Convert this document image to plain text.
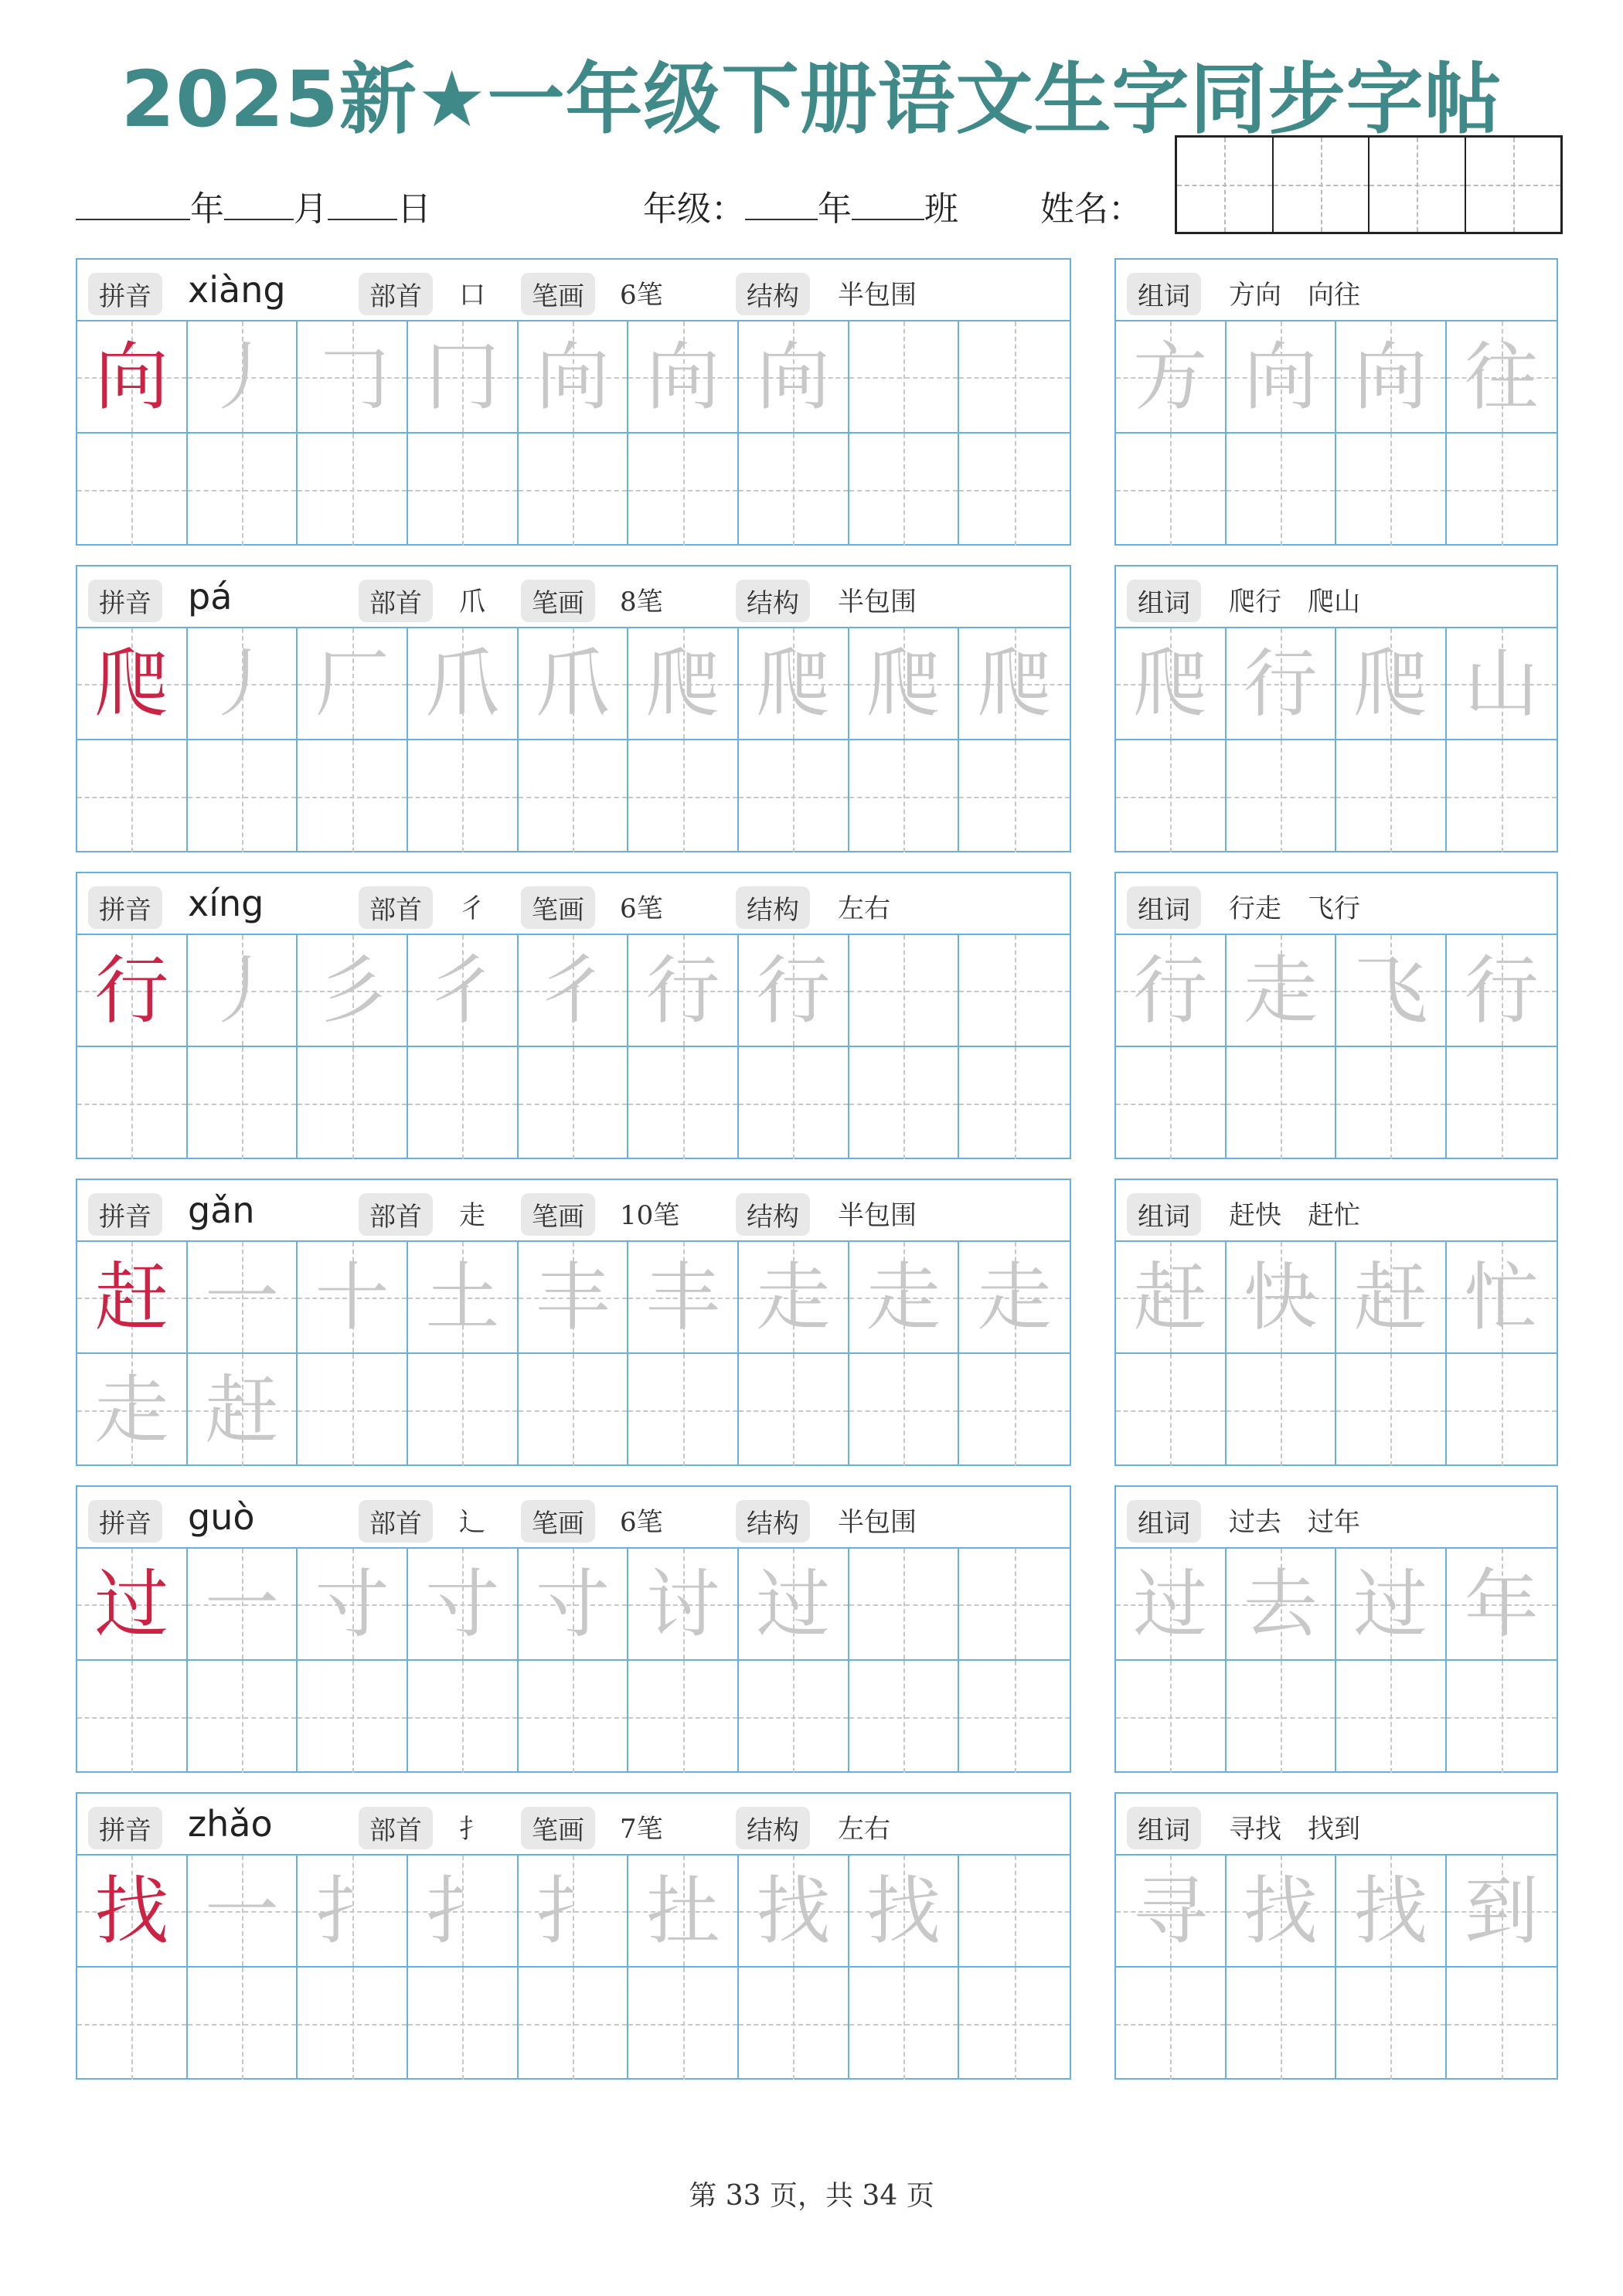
2025新★一年级下册语文生字同步字帖
年 月 日	年级： 年 班 姓名：
拼音	xiàng	部首	口	笔画	6笔	结构	半包围
向 丿 𠃌 冂 向 向 向
组词	方向　向往
方 向 向 往
拼音	pá	部首	爪	笔画	8笔	结构	半包围
爬 丿 厂 爪 爪 爬 爬 爬 爬
组词	爬行　爬山
爬 行 爬 山
拼音	xíng	部首	彳	笔画	6笔	结构	左右
行 丿 彡 彳 彳 行 行
组词	行走　飞行
行 走 飞 行
拼音	gǎn	部首	走	笔画	10笔	结构	半包围
赶 一 十 土 丰 丰 走 走 走
走 赶
组词	赶快　赶忙
赶 快 赶 忙
拼音	guò	部首	辶	笔画	6笔	结构	半包围
过 一 寸 寸 寸 讨 过
组词	过去　过年
过 去 过 年
拼音	zhǎo	部首	扌	笔画	7笔	结构	左右
找 一 扌 扌 扌 扗 找 找
组词	寻找　找到
寻 找 找 到
第 33 页，共 34 页
